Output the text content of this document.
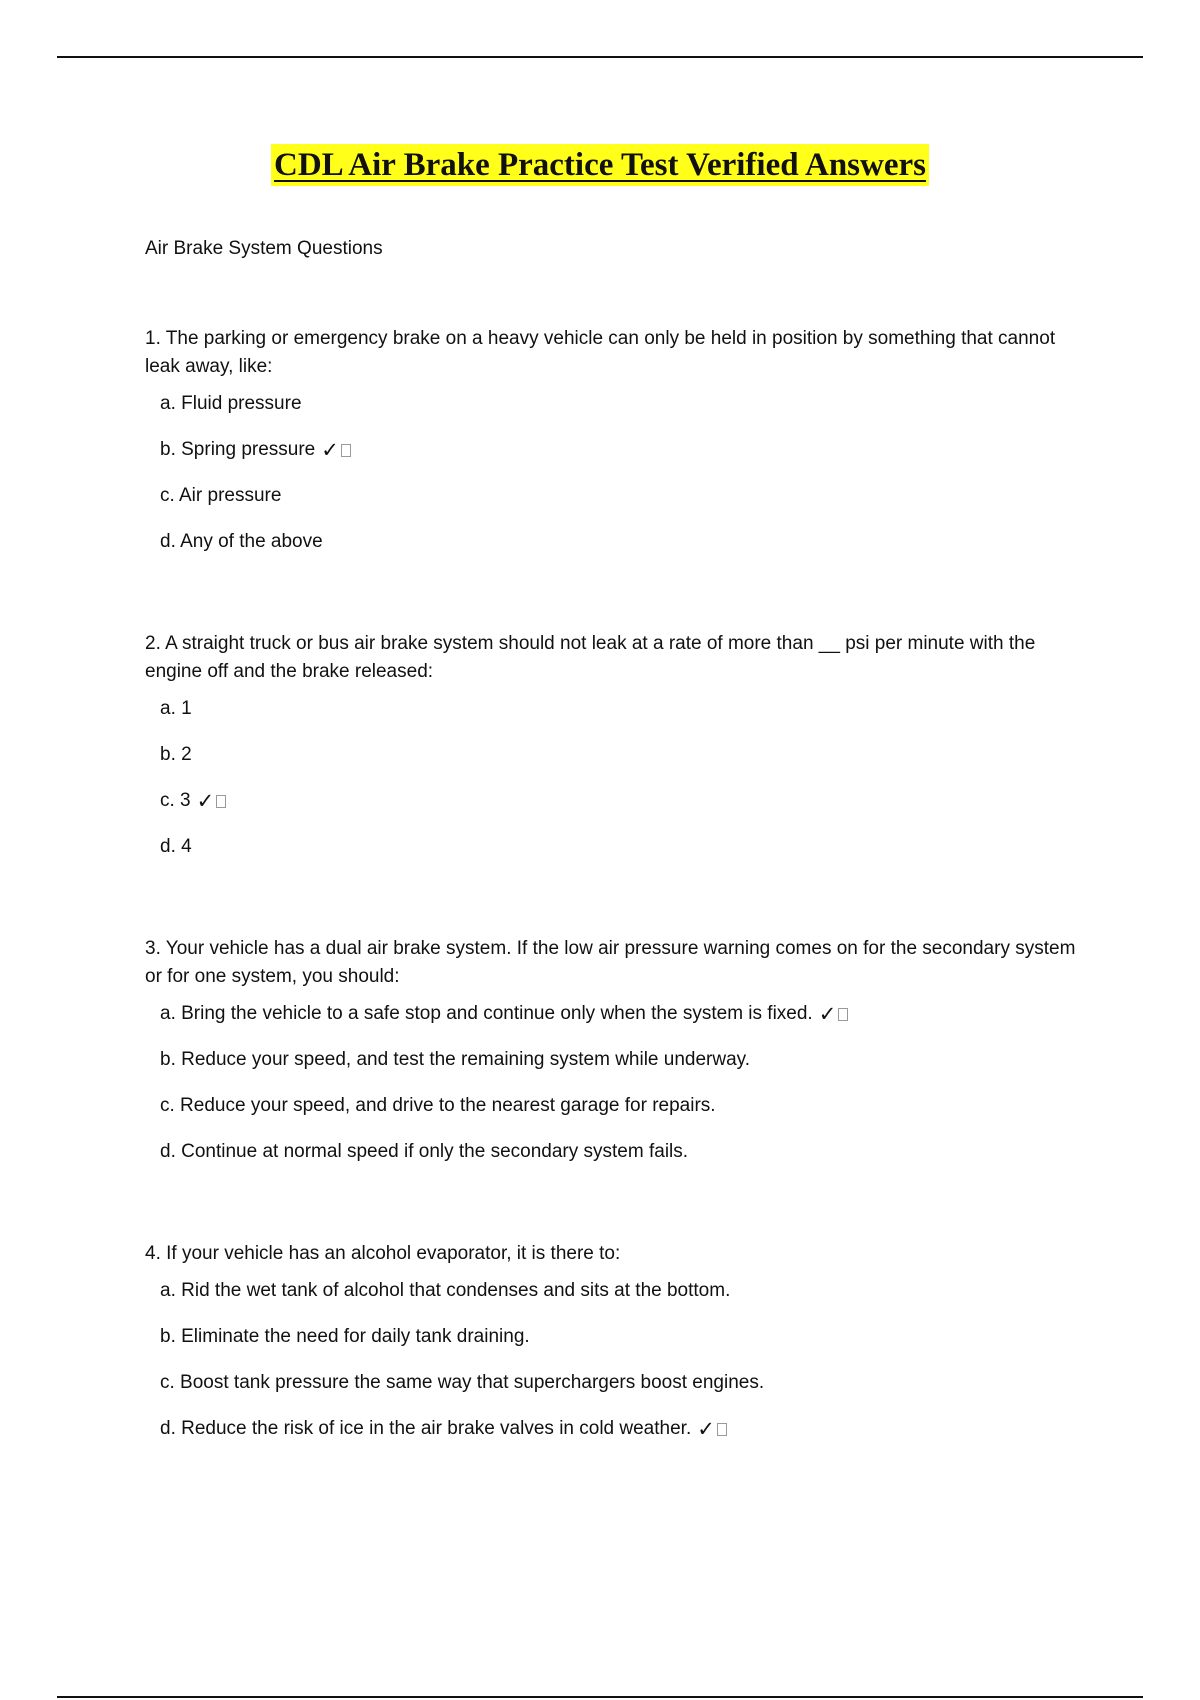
CDL Air Brake Practice Test Verified Answers
Air Brake System Questions

1. The parking or emergency brake on a heavy vehicle can only be held in position by something that cannot leak away, like:

a. Fluid pressure
b. Spring pressure ✓
c. Air pressure
d. Any of the above

2. A straight truck or bus air brake system should not leak at a rate of more than __ psi per minute with the engine off and the brake released:

a. 1
b. 2
c. 3 ✓
d. 4

3. Your vehicle has a dual air brake system. If the low air pressure warning comes on for the secondary system or for one system, you should:

a. Bring the vehicle to a safe stop and continue only when the system is fixed. ✓
b. Reduce your speed, and test the remaining system while underway.
c. Reduce your speed, and drive to the nearest garage for repairs.
d. Continue at normal speed if only the secondary system fails.

4. If your vehicle has an alcohol evaporator, it is there to:

a. Rid the wet tank of alcohol that condenses and sits at the bottom.
b. Eliminate the need for daily tank draining.
c. Boost tank pressure the same way that superchargers boost engines.
d. Reduce the risk of ice in the air brake valves in cold weather. ✓
